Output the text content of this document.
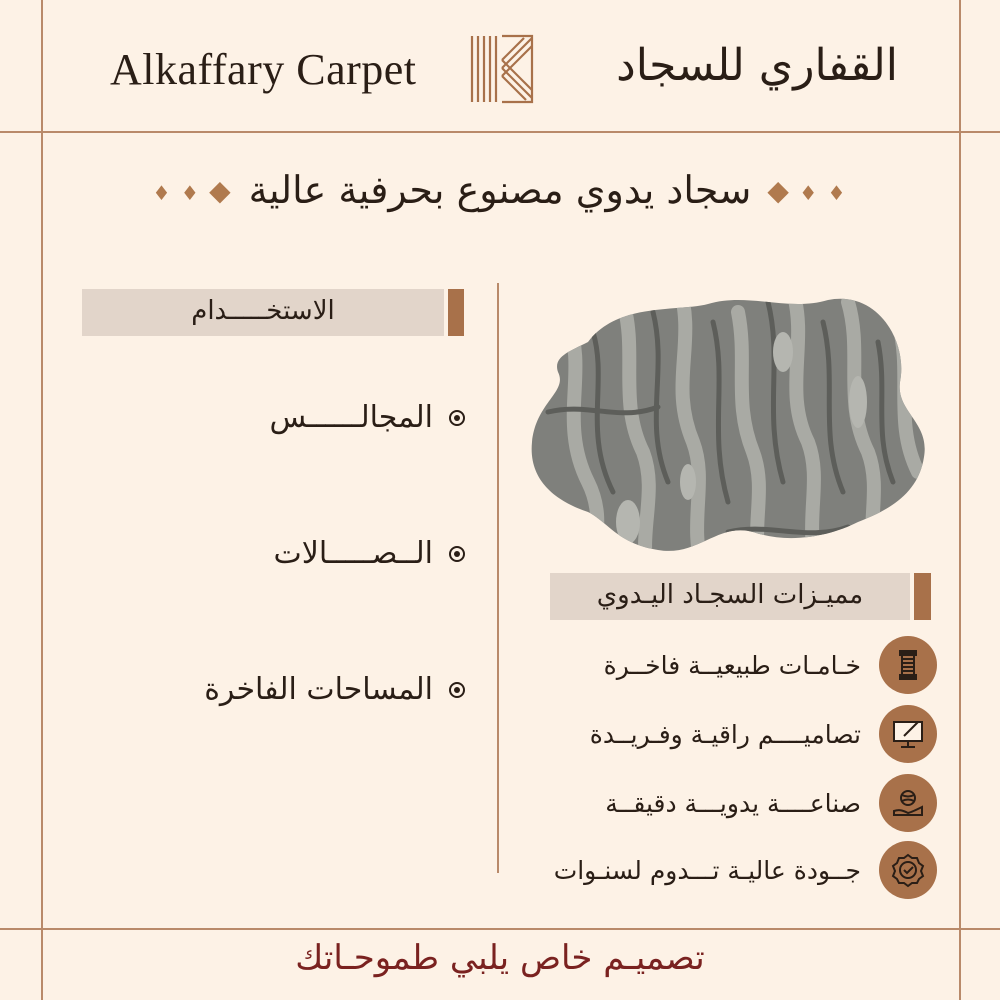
Alkaffary Carpet	القفاري للسجاد
♦ ♦ ◆ سجاد يدوي مصنوع بحرفية عالية ◆ ♦ ♦
الاستخـــــدام
المجالــــــس
الــصـــــالات
المساحات الفاخرة
مميـزات السجـاد اليـدوي
خـامـات طبيعيــة فاخــرة
تصاميــــم راقيـة وفـريــدة
صناعــــة يدويـــة دقيقــة
جــودة عاليـة تـــدوم لسنـوات
تصميـم خاص يلبي طموحـاتك
